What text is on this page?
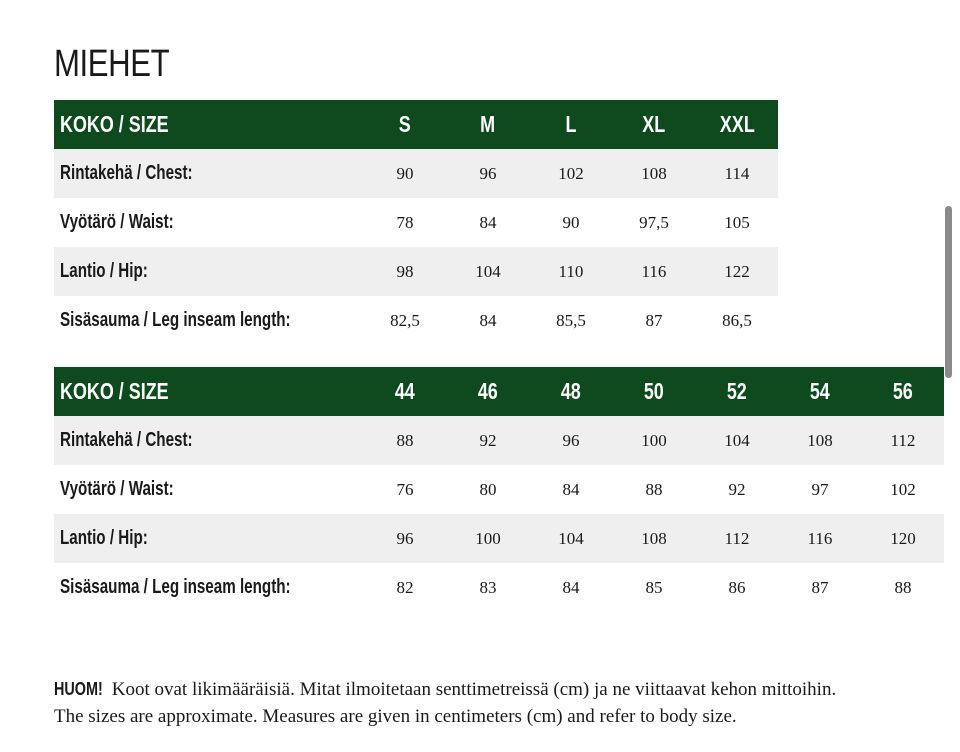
MIEHET
KOKO / SIZE	S	M	L	XL	XXL
Rintakehä / Chest:	90	96	102	108	114
Vyötärö / Waist:	78	84	90	97,5	105
Lantio / Hip:	98	104	110	116	122
Sisäsauma / Leg inseam length:	82,5	84	85,5	87	86,5
KOKO / SIZE	44	46	48	50	52	54	56
Rintakehä / Chest:	88	92	96	100	104	108	112
Vyötärö / Waist:	76	80	84	88	92	97	102
Lantio / Hip:	96	100	104	108	112	116	120
Sisäsauma / Leg inseam length:	82	83	84	85	86	87	88
HUOM! Koot ovat likimääräisiä. Mitat ilmoitetaan senttimetreissä (cm) ja ne viittaavat kehon mittoihin.
The sizes are approximate. Measures are given in centimeters (cm) and refer to body size.
